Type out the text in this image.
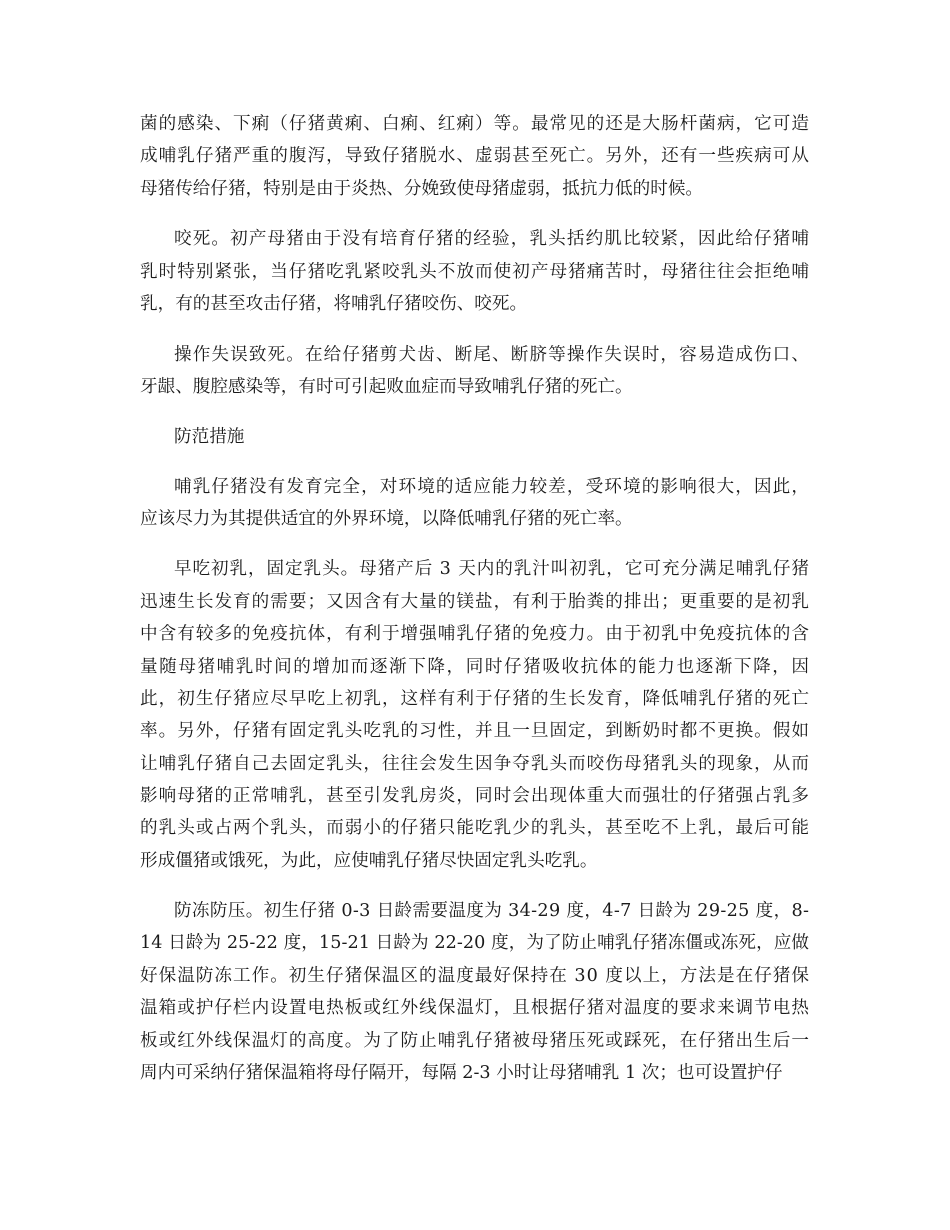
菌的感染、下痢（仔猪黄痢、白痢、红痢）等。最常见的还是大肠杆菌病，它可造
成哺乳仔猪严重的腹泻，导致仔猪脱水、虚弱甚至死亡。另外，还有一些疾病可从
母猪传给仔猪，特别是由于炎热、分娩致使母猪虚弱，抵抗力低的时候。
咬死。初产母猪由于没有培育仔猪的经验，乳头括约肌比较紧，因此给仔猪哺
乳时特别紧张，当仔猪吃乳紧咬乳头不放而使初产母猪痛苦时，母猪往往会拒绝哺
乳，有的甚至攻击仔猪，将哺乳仔猪咬伤、咬死。
操作失误致死。在给仔猪剪犬齿、断尾、断脐等操作失误时，容易造成伤口、
牙龈、腹腔感染等，有时可引起败血症而导致哺乳仔猪的死亡。
防范措施
哺乳仔猪没有发育完全，对环境的适应能力较差，受环境的影响很大，因此，
应该尽力为其提供适宜的外界环境，以降低哺乳仔猪的死亡率。
早吃初乳，固定乳头。母猪产后 3 天内的乳汁叫初乳，它可充分满足哺乳仔猪
迅速生长发育的需要；又因含有大量的镁盐，有利于胎粪的排出；更重要的是初乳
中含有较多的免疫抗体，有利于增强哺乳仔猪的免疫力。由于初乳中免疫抗体的含
量随母猪哺乳时间的增加而逐渐下降，同时仔猪吸收抗体的能力也逐渐下降，因
此，初生仔猪应尽早吃上初乳，这样有利于仔猪的生长发育，降低哺乳仔猪的死亡
率。另外，仔猪有固定乳头吃乳的习性，并且一旦固定，到断奶时都不更换。假如
让哺乳仔猪自己去固定乳头，往往会发生因争夺乳头而咬伤母猪乳头的现象，从而
影响母猪的正常哺乳，甚至引发乳房炎，同时会出现体重大而强壮的仔猪强占乳多
的乳头或占两个乳头，而弱小的仔猪只能吃乳少的乳头，甚至吃不上乳，最后可能
形成僵猪或饿死，为此，应使哺乳仔猪尽快固定乳头吃乳。
防冻防压。初生仔猪 0-3 日龄需要温度为 34-29 度，4-7 日龄为 29-25 度，8-
14 日龄为 25-22 度，15-21 日龄为 22-20 度，为了防止哺乳仔猪冻僵或冻死，应做
好保温防冻工作。初生仔猪保温区的温度最好保持在 30 度以上，方法是在仔猪保
温箱或护仔栏内设置电热板或红外线保温灯，且根据仔猪对温度的要求来调节电热
板或红外线保温灯的高度。为了防止哺乳仔猪被母猪压死或踩死，在仔猪出生后一
周内可采纳仔猪保温箱将母仔隔开，每隔 2-3 小时让母猪哺乳 1 次；也可设置护仔
